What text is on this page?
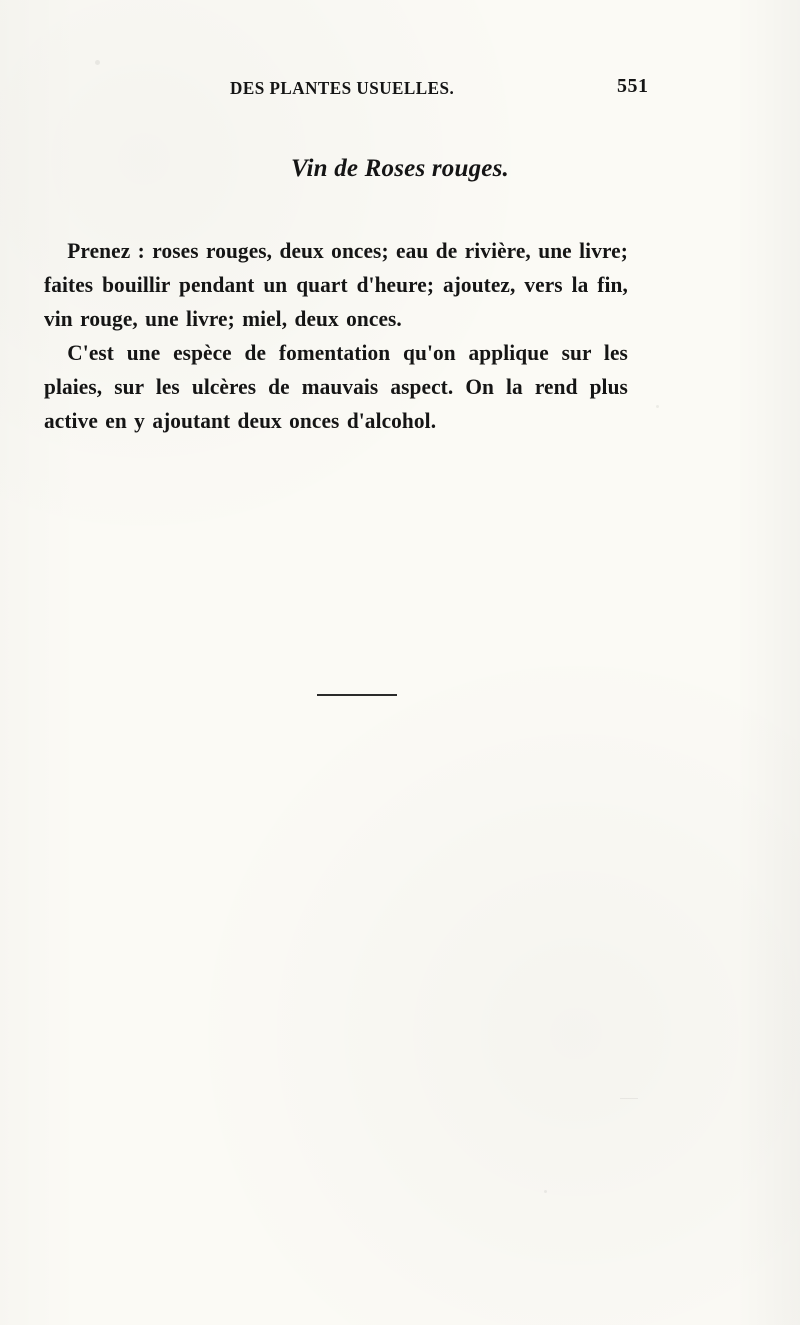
DES PLANTES USUELLES.	551
Vin de Roses rouges.
Prenez : roses rouges, deux onces; eau de rivière, une livre; faites bouillir pendant un quart d'heure; ajoutez, vers la fin, vin rouge, une livre; miel, deux onces.
C'est une espèce de fomentation qu'on applique sur les plaies, sur les ulcères de mauvais aspect. On la rend plus active en y ajoutant deux onces d'alcohol.
